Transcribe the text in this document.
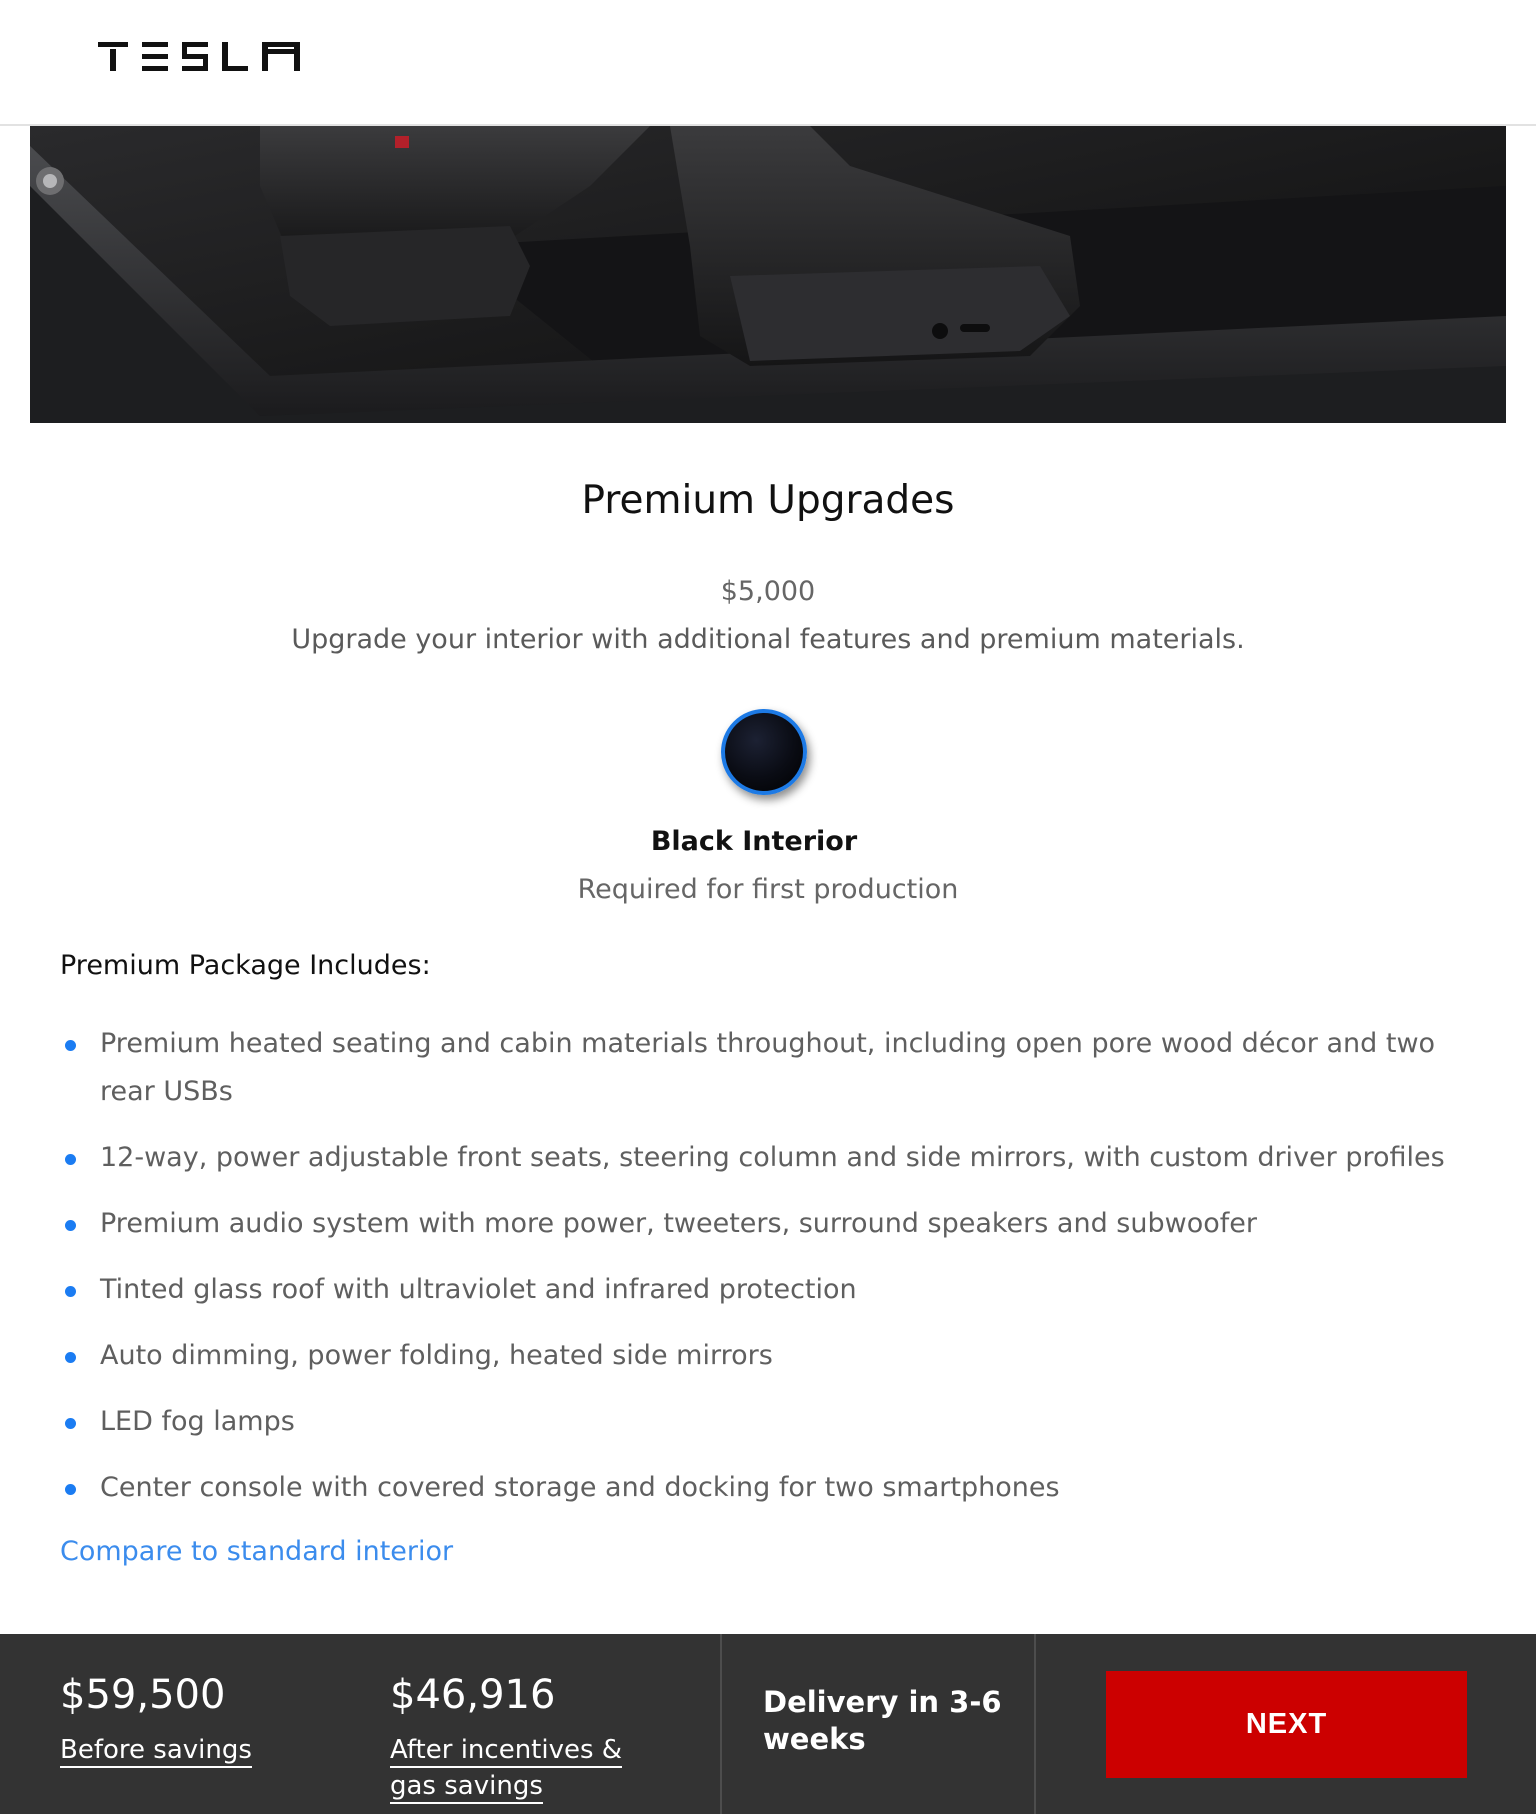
Premium Upgrades
$5,000
Upgrade your interior with additional features and premium materials.
Black Interior
Required for first production
Premium Package Includes:
Premium heated seating and cabin materials throughout, including open pore wood décor and two rear USBs
12-way, power adjustable front seats, steering column and side mirrors, with custom driver profiles
Premium audio system with more power, tweeters, surround speakers and subwoofer
Tinted glass roof with ultraviolet and infrared protection
Auto dimming, power folding, heated side mirrors
LED fog lamps
Center console with covered storage and docking for two smartphones
Compare to standard interior
$59,500
Before savings
$46,916
After incentives &
gas savings
Delivery in 3-6 weeks	NEXT
